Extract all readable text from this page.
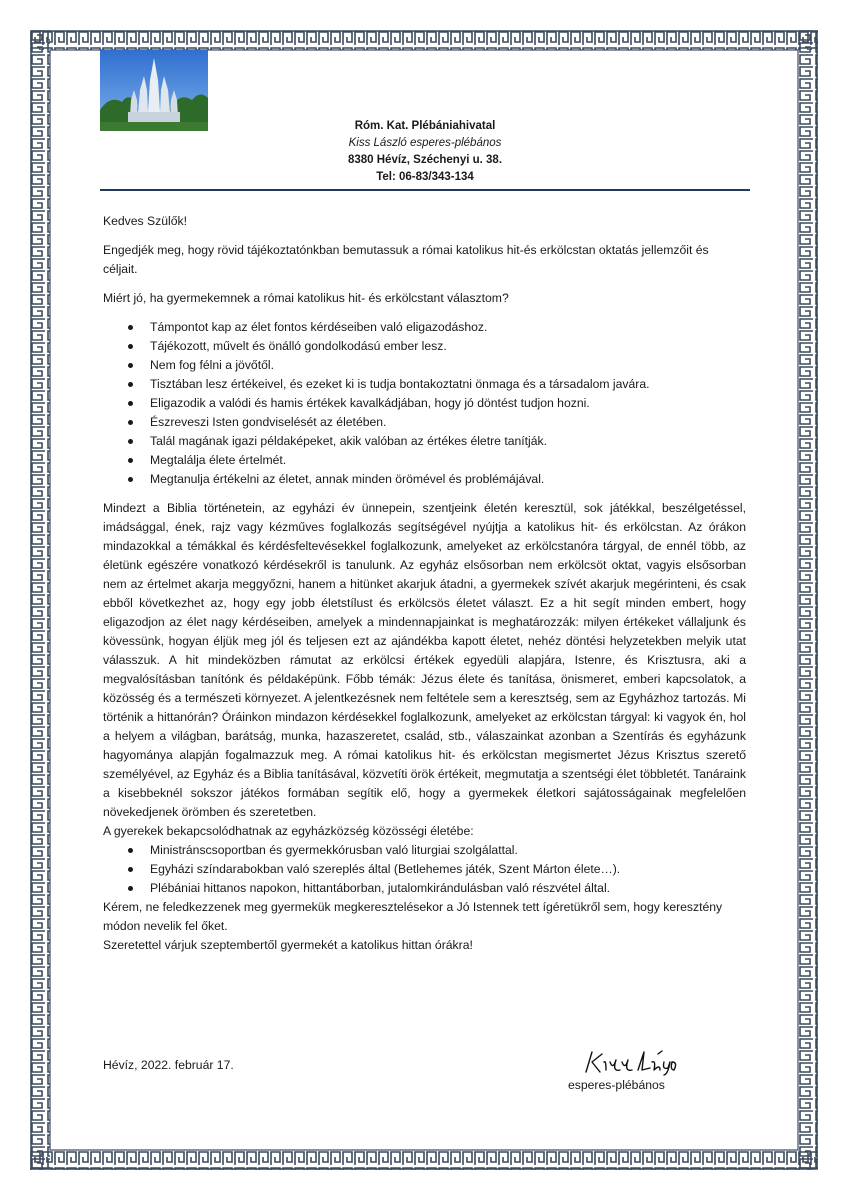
Róm. Kat. Plébániahivatal
Kiss László esperes-plébános
8380 Hévíz, Széchenyi u. 38.
Tel: 06-83/343-134

Kedves Szülők!

Engedjék meg, hogy rövid tájékoztatónkban bemutassuk a római katolikus hit-és erkölcstan oktatás jellemzőit és céljait.

Miért jó, ha gyermekemnek a római katolikus hit- és erkölcstant választom?

Támpontot kap az élet fontos kérdéseiben való eligazodáshoz.
Tájékozott, művelt és önálló gondolkodású ember lesz.
Nem fog félni a jövőtől.
Tisztában lesz értékeivel, és ezeket ki is tudja bontakoztatni önmaga és a társadalom javára.
Eligazodik a valódi és hamis értékek kavalkádjában, hogy jó döntést tudjon hozni.
Észreveszi Isten gondviselését az életében.
Talál magának igazi példaképeket, akik valóban az értékes életre tanítják.
Megtalálja élete értelmét.
Megtanulja értékelni az életet, annak minden örömével és problémájával.

Mindezt a Biblia történetein, az egyházi év ünnepein, szentjeink életén keresztül, sok játékkal, beszélgetéssel, imádsággal, ének, rajz vagy kézműves foglalkozás segítségével nyújtja a katolikus hit- és erkölcstan. Az órákon mindazokkal a témákkal és kérdésfeltevésekkel foglalkozunk, amelyeket az erkölcstanóra tárgyal, de ennél több, az életünk egészére vonatkozó kérdésekről is tanulunk. Az egyház elsősorban nem erkölcsöt oktat, vagyis elsősorban nem az értelmet akarja meggyőzni, hanem a hitünket akarjuk átadni, a gyermekek szívét akarjuk megérinteni, és csak ebből következhet az, hogy egy jobb életstílust és erkölcsös életet választ. Ez a hit segít minden embert, hogy eligazodjon az élet nagy kérdéseiben, amelyek a mindennapjainkat is meghatározzák: milyen értékeket vállaljunk és kövessünk, hogyan éljük meg jól és teljesen ezt az ajándékba kapott életet, nehéz döntési helyzetekben melyik utat válasszuk. A hit mindeközben rámutat az erkölcsi értékek egyedüli alapjára, Istenre, és Krisztusra, aki a megvalósításban tanítónk és példaképünk. Főbb témák: Jézus élete és tanítása, önismeret, emberi kapcsolatok, a közösség és a természeti környezet. A jelentkezésnek nem feltétele sem a keresztség, sem az Egyházhoz tartozás. Mi történik a hittanórán? Óráinkon mindazon kérdésekkel foglalkozunk, amelyeket az erkölcstan tárgyal: ki vagyok én, hol a helyem a világban, barátság, munka, hazaszeretet, család, stb., válaszainkat azonban a Szentírás és egyházunk hagyománya alapján fogalmazzuk meg. A római katolikus hit- és erkölcstan megismertet Jézus Krisztus szerető személyével, az Egyház és a Biblia tanításával, közvetíti örök értékeit, megmutatja a szentségi élet többletét. Tanáraink a kisebbeknél sokszor játékos formában segítik elő, hogy a gyermekek életkori sajátosságainak megfelelően növekedjenek örömben és szeretetben.

A gyerekek bekapcsolódhatnak az egyházközség közösségi életébe:

Ministránscsoportban és gyermekkórusban való liturgiai szolgálattal.
Egyházi színdarabokban való szereplés által (Betlehemes játék, Szent Márton élete…).
Plébániai hittanos napokon, hittantáborban, jutalomkirándulásban való részvétel által.

Kérem, ne feledkezzenek meg gyermekük megkeresztelésekor a Jó Istennek tett ígéretükről sem, hogy keresztény módon nevelik fel őket.

Szeretettel várjuk szeptembertől gyermekét a katolikus hittan órákra!

Hévíz, 2022. február 17.
esperes-plébános
